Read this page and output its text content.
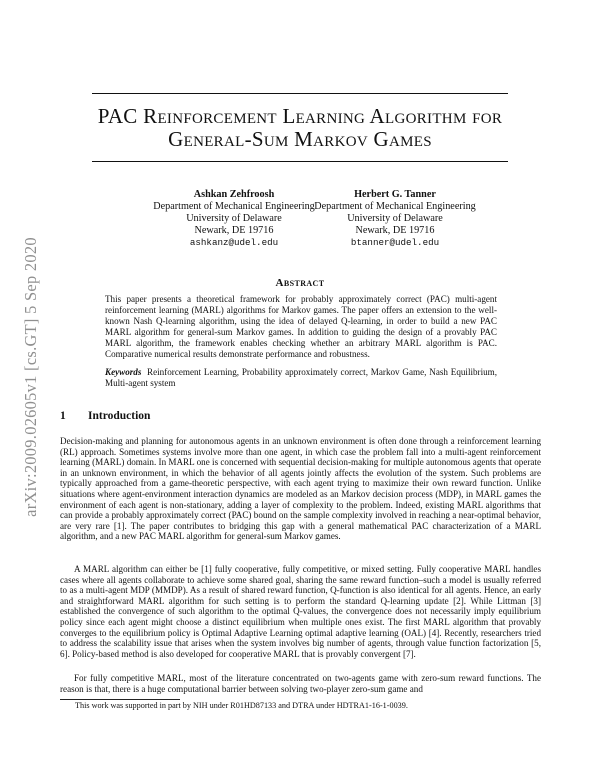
arXiv:2009.02605v1 [cs.GT] 5 Sep 2020
PAC Reinforcement Learning Algorithm for
General-Sum Markov Games
Ashkan Zehfroosh
Department of Mechanical Engineering
University of Delaware
Newark, DE 19716
ashkanz@udel.edu
Herbert G. Tanner
Department of Mechanical Engineering
University of Delaware
Newark, DE 19716
btanner@udel.edu
Abstract
This paper presents a theoretical framework for probably approximately correct (PAC) multi-agent reinforcement learning (MARL) algorithms for Markov games. The paper offers an extension to the well-known Nash Q-learning algorithm, using the idea of delayed Q-learning, in order to build a new PAC MARL algorithm for general-sum Markov games. In addition to guiding the design of a provably PAC MARL algorithm, the framework enables checking whether an arbitrary MARL algorithm is PAC. Comparative numerical results demonstrate performance and robustness.
Keywords Reinforcement Learning, Probability approximately correct, Markov Game, Nash Equilibrium, Multi-agent system
1 Introduction
Decision-making and planning for autonomous agents in an unknown environment is often done through a reinforcement learning (RL) approach. Sometimes systems involve more than one agent, in which case the problem fall into a multi-agent reinforcement learning (MARL) domain. In MARL one is concerned with sequential decision-making for multiple autonomous agents that operate in an unknown environment, in which the behavior of all agents jointly affects the evolution of the system. Such problems are typically approached from a game-theoretic perspective, with each agent trying to maximize their own reward function. Unlike situations where agent-environment interaction dynamics are modeled as an Markov decision process (MDP), in MARL games the environment of each agent is non-stationary, adding a layer of complexity to the problem. Indeed, existing MARL algorithms that can provide a probably approximately correct (PAC) bound on the sample complexity involved in reaching a near-optimal behavior, are very rare [1]. The paper contributes to bridging this gap with a general mathematical PAC characterization of a MARL algorithm, and a new PAC MARL algorithm for general-sum Markov games.
A MARL algorithm can either be [1] fully cooperative, fully competitive, or mixed setting. Fully cooperative MARL handles cases where all agents collaborate to achieve some shared goal, sharing the same reward function–such a model is usually referred to as a multi-agent MDP (MMDP). As a result of shared reward function, Q-function is also identical for all agents. Hence, an early and straightforward MARL algorithm for such setting is to perform the standard Q-learning update [2]. While Littman [3] established the convergence of such algorithm to the optimal Q-values, the convergence does not necessarily imply equilibrium policy since each agent might choose a distinct equilibrium when multiple ones exist. The first MARL algorithm that provably converges to the equilibrium policy is Optimal Adaptive Learning optimal adaptive learning (OAL) [4]. Recently, researchers tried to address the scalability issue that arises when the system involves big number of agents, through value function factorization [5, 6]. Policy-based method is also developed for cooperative MARL that is provably convergent [7].
For fully competitive MARL, most of the literature concentrated on two-agents game with zero-sum reward functions. The reason is that, there is a huge computational barrier between solving two-player zero-sum game and
This work was supported in part by NIH under R01HD87133 and DTRA under HDTRA1-16-1-0039.
